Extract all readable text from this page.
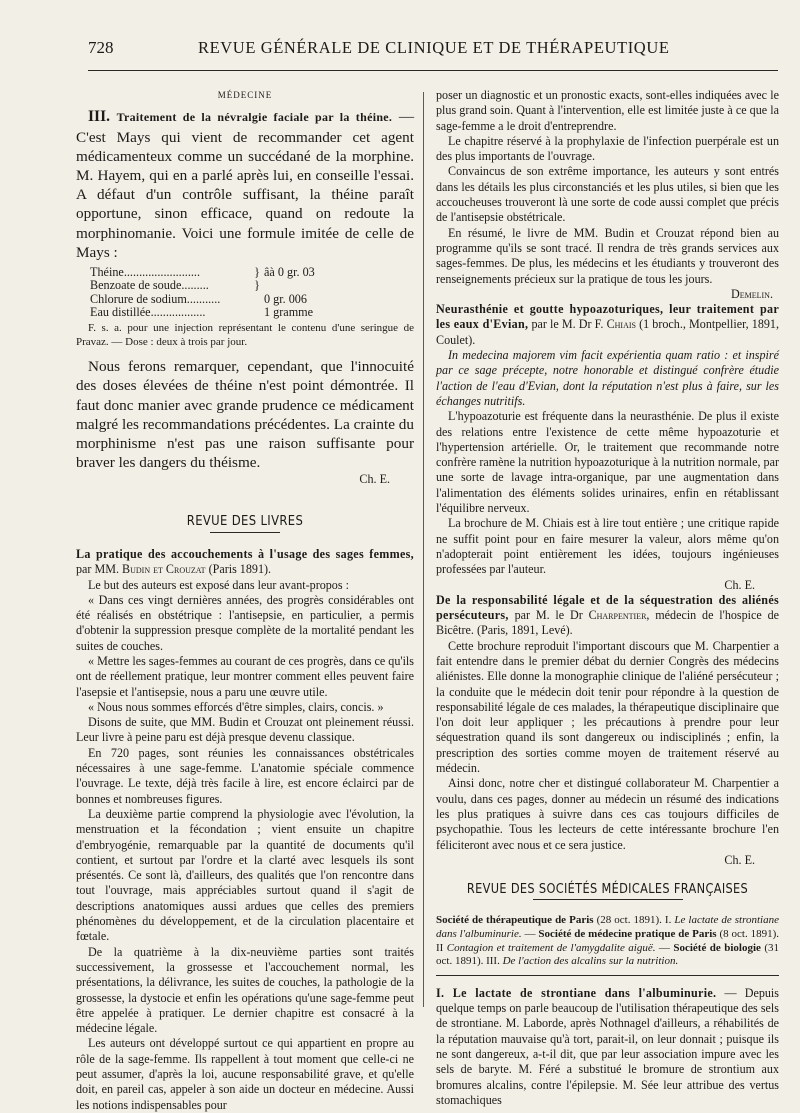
728	REVUE GÉNÉRALE DE CLINIQUE ET DE THÉRAPEUTIQUE
MÉDECINE

III. Traitement de la névralgie faciale par la théine. — C'est Mays qui vient de recommander cet agent médicamenteux comme un succédané de la morphine. M. Hayem, qui en a parlé après lui, en conseille l'essai. A défaut d'un contrôle suffisant, la théine paraît opportune, sinon efficace, quand on redoute la morphinomanie. Voici une formule imitée de celle de Mays :

Théine.........................	} âà 0 gr. 03
Benzoate de soude.........	}
Chlorure de sodium...........	0 gr. 006
Eau distillée..................	1 gramme

F. s. a. pour une injection représentant le contenu d'une seringue de Pravaz. — Dose : deux à trois par jour.

Nous ferons remarquer, cependant, que l'innocuité des doses élevées de théine n'est point démontrée. Il faut donc manier avec grande prudence ce médicament malgré les recommandations précédentes. La crainte du morphinisme n'est pas une raison suffisante pour braver les dangers du théisme.

Ch. E.
REVUE DES LIVRES

La pratique des accouchements à l'usage des sages femmes, par MM. Budin et Crouzat (Paris 1891).

Le but des auteurs est exposé dans leur avant-propos :

« Dans ces vingt dernières années, des progrès considérables ont été réalisés en obstétrique : l'antisepsie, en particulier, a permis d'obtenir la suppression presque complète de la mortalité pendant les suites de couches.

« Mettre les sages-femmes au courant de ces progrès, dans ce qu'ils ont de réellement pratique, leur montrer comment elles peuvent faire l'asepsie et l'antisepsie, nous a paru une œuvre utile.

« Nous nous sommes efforcés d'être simples, clairs, concis. »

Disons de suite, que MM. Budin et Crouzat ont pleinement réussi. Leur livre à peine paru est déjà presque devenu classique.

En 720 pages, sont réunies les connaissances obstétricales nécessaires à une sage-femme. L'anatomie spéciale commence l'ouvrage. Le texte, déjà très facile à lire, est encore éclairci par de bonnes et nombreuses figures.

La deuxième partie comprend la physiologie avec l'évolution, la menstruation et la fécondation ; vient ensuite un chapitre d'embryogénie, remarquable par la quantité de documents qu'il contient, et surtout par l'ordre et la clarté avec lesquels ils sont présentés. Ce sont là, d'ailleurs, des qualités que l'on rencontre dans tout l'ouvrage, mais appréciables surtout quand il s'agit de descriptions anatomiques aussi ardues que celles des premiers phénomènes du développement, et de la circulation placentaire et fœtale.

De la quatrième à la dix-neuvième parties sont traités successivement, la grossesse et l'accouchement normal, les présentations, la délivrance, les suites de couches, la pathologie de la grossesse, la dystocie et enfin les opérations qu'une sage-femme peut être appelée à pratiquer. Le dernier chapitre est consacré à la médecine légale.

Les auteurs ont développé surtout ce qui appartient en propre au rôle de la sage-femme. Ils rappellent à tout moment que celle-ci ne peut assumer, d'après la loi, aucune responsabilité grave, et qu'elle doit, en pareil cas, appeler à son aide un docteur en médecine. Aussi les notions indispensables pour

poser un diagnostic et un pronostic exacts, sont-elles indiquées avec le plus grand soin. Quant à l'intervention, elle est limitée juste à ce que la sage-femme a le droit d'entreprendre.

Le chapitre réservé à la prophylaxie de l'infection puerpérale est un des plus importants de l'ouvrage.

Convaincus de son extrême importance, les auteurs y sont entrés dans les détails les plus circonstanciés et les plus utiles, si bien que les accoucheuses trouveront là une sorte de code aussi complet que précis de l'antisepsie obstétricale.

En résumé, le livre de MM. Budin et Crouzat répond bien au programme qu'ils se sont tracé. Il rendra de très grands services aux sages-femmes. De plus, les médecins et les étudiants y trouveront des renseignements précieux sur la pratique de tous les jours.

Demelin.

Neurasthénie et goutte hypoazoturiques, leur traitement par les eaux d'Evian, par le M. Dr F. Chiais (1 broch., Montpellier, 1891, Coulet).

In medecina majorem vim facit expérientia quam ratio : et inspiré par ce sage précepte, notre honorable et distingué confrère étudie l'action de l'eau d'Evian, dont la réputation n'est plus à faire, sur les échanges nutritifs.

L'hypoazoturie est fréquente dans la neurasthénie. De plus il existe des relations entre l'existence de cette même hypoazoturie et l'hypertension artérielle. Or, le traitement que recommande notre confrère ramène la nutrition hypoazoturique à la nutrition normale, par une sorte de lavage intra-organique, par une augmentation dans l'alimentation des éléments solides urinaires, enfin en rétablissant l'équilibre nerveux.

La brochure de M. Chiais est à lire tout entière ; une critique rapide ne suffit point pour en faire mesurer la valeur, alors même qu'on n'adopterait point entièrement les idées, toujours ingénieuses professées par l'auteur.

Ch. E.

De la responsabilité légale et de la séquestration des aliénés persécuteurs, par M. le Dr Charpentier, médecin de l'hospice de Bicêtre. (Paris, 1891, Levé).

Cette brochure reproduit l'important discours que M. Charpentier a fait entendre dans le premier débat du dernier Congrès des médecins aliénistes. Elle donne la monographie clinique de l'aliéné persécuteur ; la conduite que le médecin doit tenir pour répondre à la question de responsabilité légale de ces malades, la thérapeutique disciplinaire que l'on doit leur appliquer ; les précautions à prendre pour leur séquestration quand ils sont dangereux ou indisciplinés ; enfin, la prescription des sorties comme moyen de traitement réservé au médecin.

Ainsi donc, notre cher et distingué collaborateur M. Charpentier a voulu, dans ces pages, donner au médecin un résumé des indications les plus pratiques à suivre dans ces cas toujours difficiles de psychopathie. Tous les lecteurs de cette intéressante brochure l'en féliciteront avec nous et ce sera justice.

Ch. E.
REVUE DES SOCIÉTÉS MÉDICALES FRANÇAISES

Société de thérapeutique de Paris (28 oct. 1891). I. Le lactate de strontiane dans l'albuminurie. — Société de médecine pratique de Paris (8 oct. 1891). II Contagion et traitement de l'amygdalite aiguë. — Société de biologie (31 oct. 1891). III. De l'action des alcalins sur la nutrition.

I. Le lactate de strontiane dans l'albuminurie. — Depuis quelque temps on parle beaucoup de l'utilisation thérapeutique des sels de strontiane. M. Laborde, après Nothnagel d'ailleurs, a réhabilités de la réputation mauvaise qu'à tort, parait-il, on leur donnait ; puisque ils ne sont dangereux, a-t-il dit, que par leur association impure avec les sels de baryte. M. Féré a substitué le bromure de strontium aux bromures alcalins, contre l'épilepsie. M. Sée leur attribue des vertus stomachiques
